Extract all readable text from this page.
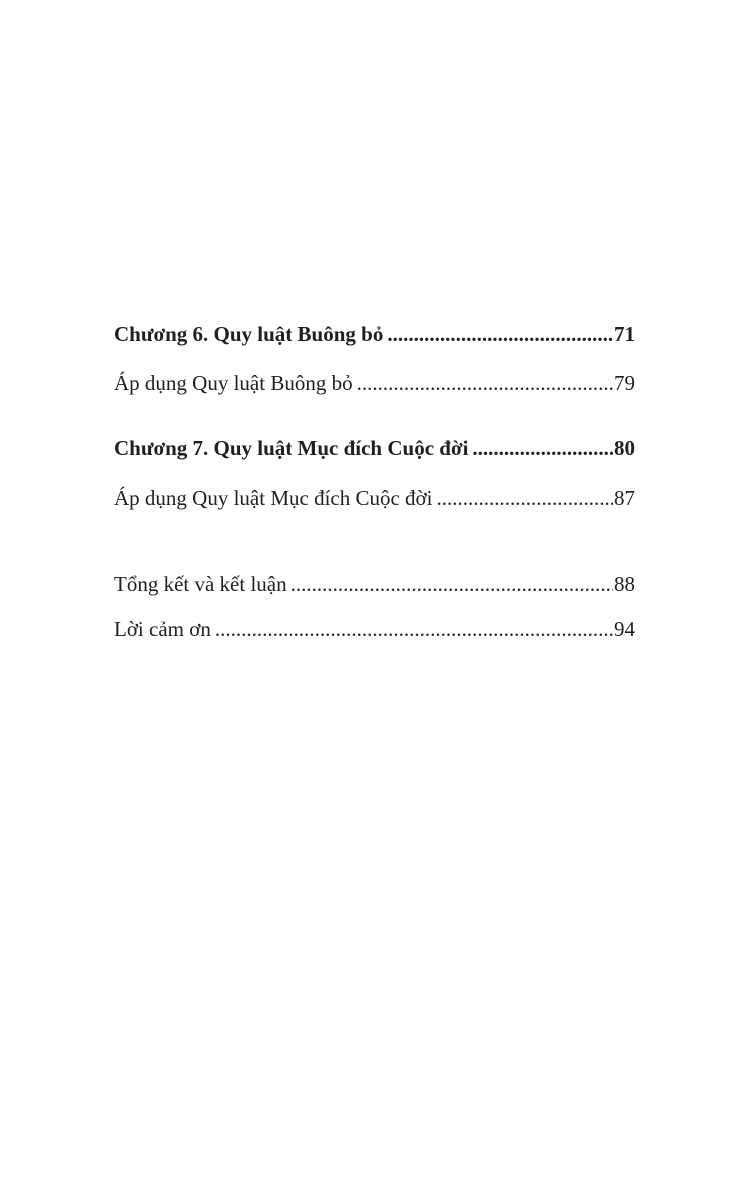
Chương 6. Quy luật Buông bỏ .....	71
Áp dụng Quy luật Buông bỏ .....	79
Chương 7. Quy luật Mục đích Cuộc đời .....	80
Áp dụng Quy luật Mục đích Cuộc đời .....	87
Tổng kết và kết luận .....	88
Lời cảm ơn .....	94
